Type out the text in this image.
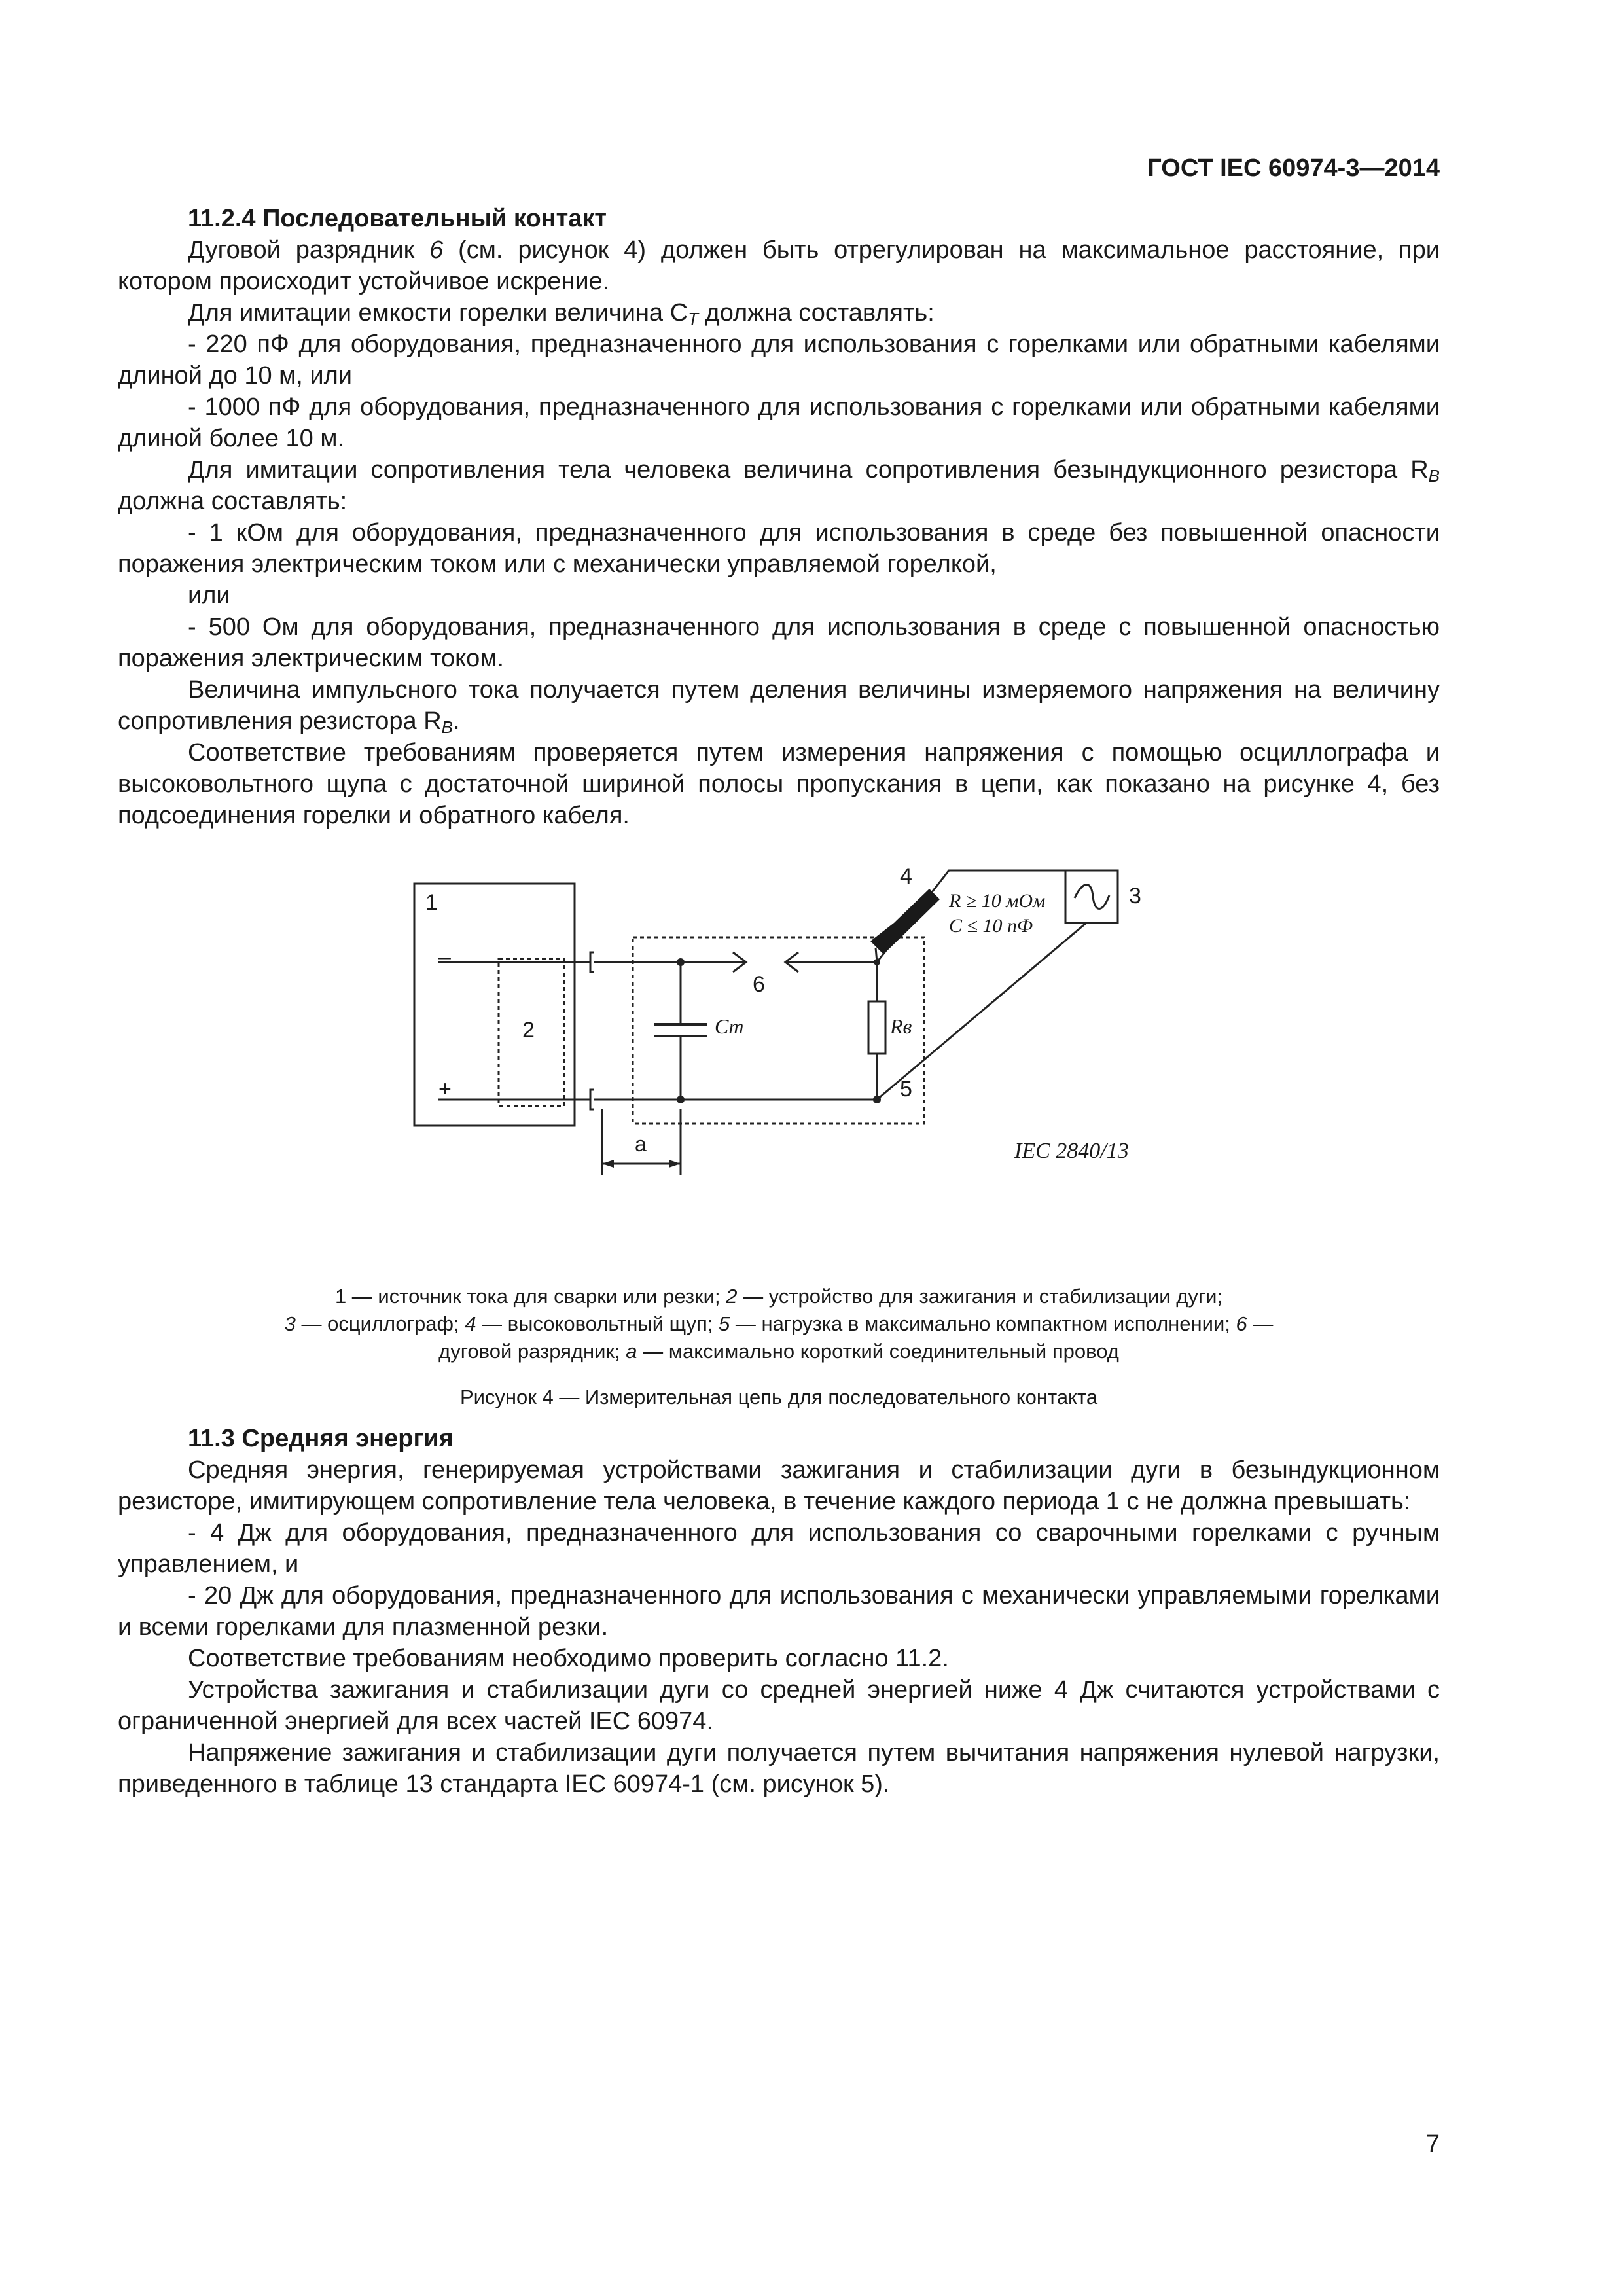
ГОСТ IEC 60974-3—2014

11.2.4 Последовательный контакт

Дуговой разрядник 6 (см. рисунок 4) должен быть отрегулирован на максимальное расстояние, при котором происходит устойчивое искрение.

Для имитации емкости горелки величина $С_T$ должна составлять:

- 220 пФ для оборудования, предназначенного для использования с горелками или обратными кабелями длиной до 10 м, или

- 1000 пФ для оборудования, предназначенного для использования с горелками или обратными кабелями длиной более 10 м.

Для имитации сопротивления тела человека величина сопротивления безындукционного резистора $R_B$ должна составлять:

- 1 кОм для оборудования, предназначенного для использования в среде без повышенной опасности поражения электрическим током или с механически управляемой горелкой,

или

- 500 Ом для оборудования, предназначенного для использования в среде с повышенной опасностью поражения электрическим током.

Величина импульсного тока получается путем деления величины измеряемого напряжения на величину сопротивления резистора $R_B$.

Соответствие требованиям проверяется путем измерения напряжения с помощью осциллографа и высоковольтного щупа с достаточной шириной полосы пропускания в цепи, как показано на рисунке 4, без подсоединения горелки и обратного кабеля.

1
2
3
4
5
6
–
+
a
R ≥ 10 мОм
C ≤ 10 пФ
Cт	Rв
IEC 2840/13

1 — источник тока для сварки или резки; 2 — устройство для зажигания и стабилизации дуги;

3 — осциллограф; 4 — высоковольтный щуп; 5 — нагрузка в максимально компактном исполнении; 6 —

дуговой разрядник; а — максимально короткий соединительный провод

Рисунок 4 — Измерительная цепь для последовательного контакта

11.3 Средняя энергия

Средняя энергия, генерируемая устройствами зажигания и стабилизации дуги в безындукционном резисторе, имитирующем сопротивление тела человека, в течение каждого периода 1 с не должна превышать:

- 4 Дж для оборудования, предназначенного для использования со сварочными горелками с ручным управлением, и

- 20 Дж для оборудования, предназначенного для использования с механически управляемыми горелками и всеми горелками для плазменной резки.

Соответствие требованиям необходимо проверить согласно 11.2.

Устройства зажигания и стабилизации дуги со средней энергией ниже 4 Дж считаются устройствами с ограниченной энергией для всех частей IEC 60974.

Напряжение зажигания и стабилизации дуги получается путем вычитания напряжения нулевой нагрузки, приведенного в таблице 13 стандарта IEC 60974-1 (см. рисунок 5).

7
